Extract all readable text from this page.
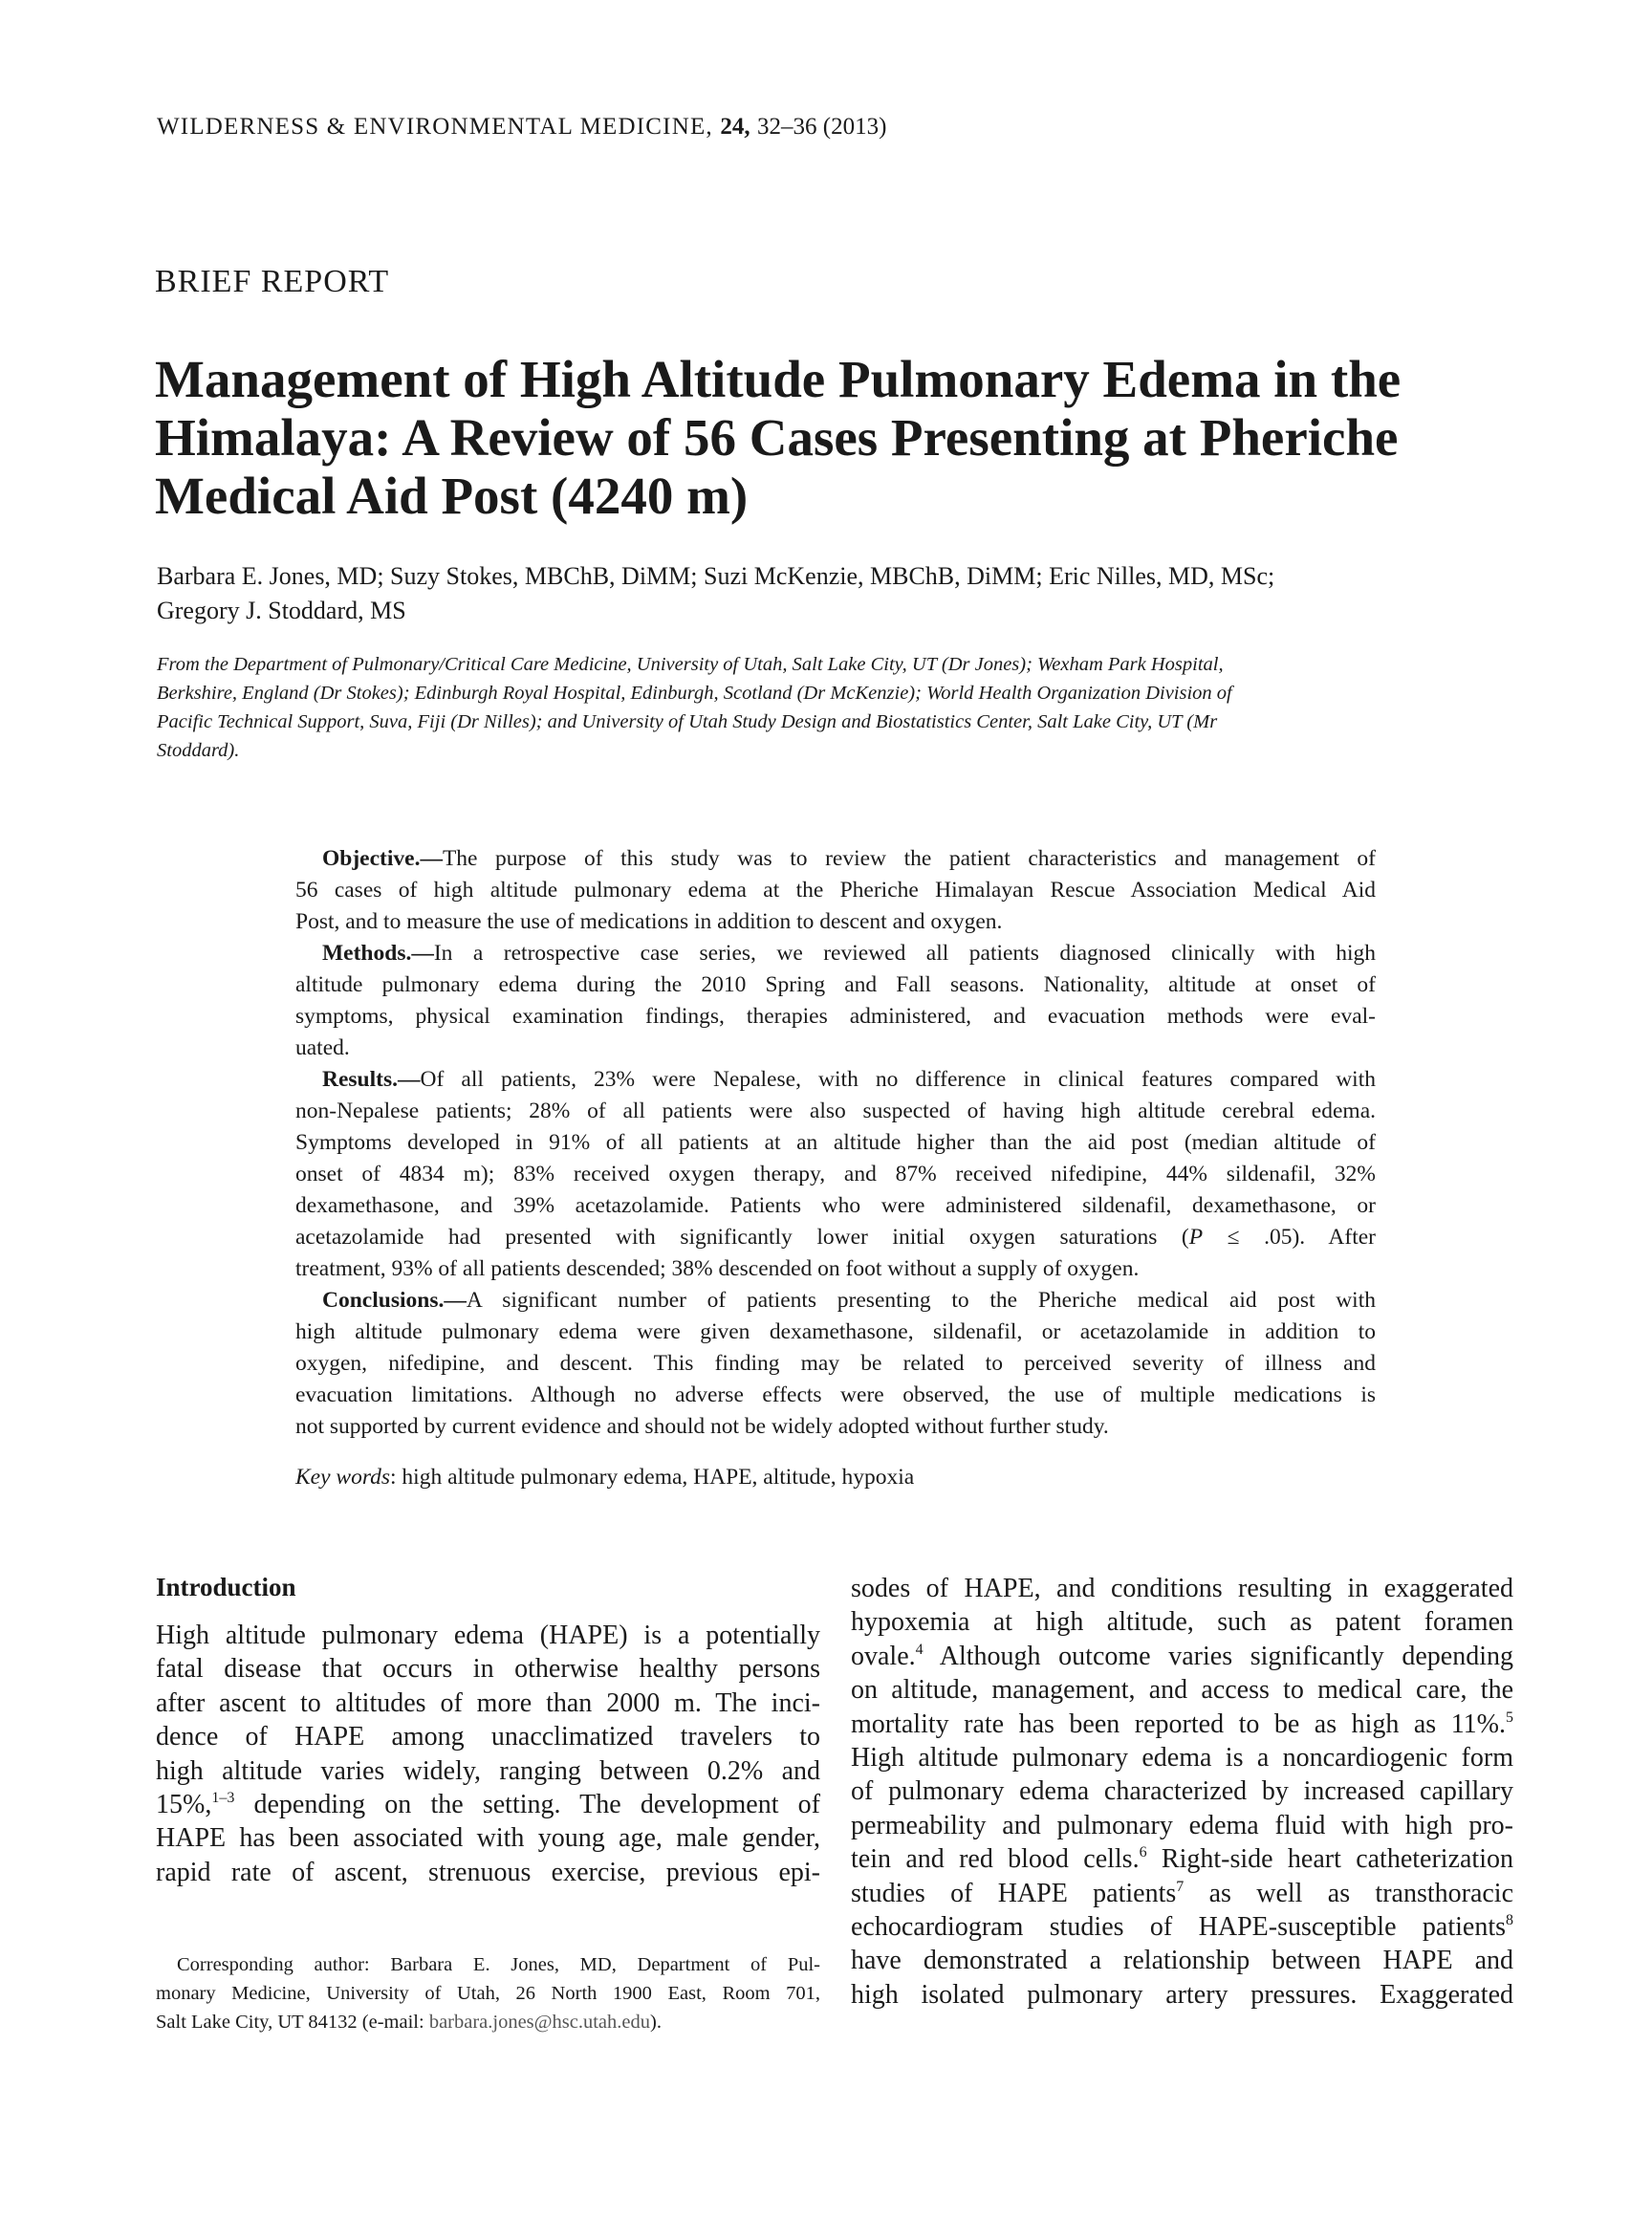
WILDERNESS & ENVIRONMENTAL MEDICINE, 24, 32–36 (2013)
BRIEF REPORT
Management of High Altitude Pulmonary Edema in the
Himalaya: A Review of 56 Cases Presenting at Pheriche
Medical Aid Post (4240 m)
Barbara E. Jones, MD; Suzy Stokes, MBChB, DiMM; Suzi McKenzie, MBChB, DiMM; Eric Nilles, MD, MSc;
Gregory J. Stoddard, MS
From the Department of Pulmonary/Critical Care Medicine, University of Utah, Salt Lake City, UT (Dr Jones); Wexham Park Hospital,
Berkshire, England (Dr Stokes); Edinburgh Royal Hospital, Edinburgh, Scotland (Dr McKenzie); World Health Organization Division of
Pacific Technical Support, Suva, Fiji (Dr Nilles); and University of Utah Study Design and Biostatistics Center, Salt Lake City, UT (Mr
Stoddard).
Objective.—The purpose of this study was to review the patient characteristics and management of
56 cases of high altitude pulmonary edema at the Pheriche Himalayan Rescue Association Medical Aid
Post, and to measure the use of medications in addition to descent and oxygen.
Methods.—In a retrospective case series, we reviewed all patients diagnosed clinically with high
altitude pulmonary edema during the 2010 Spring and Fall seasons. Nationality, altitude at onset of
symptoms, physical examination findings, therapies administered, and evacuation methods were eval-
uated.
Results.—Of all patients, 23% were Nepalese, with no difference in clinical features compared with
non-Nepalese patients; 28% of all patients were also suspected of having high altitude cerebral edema.
Symptoms developed in 91% of all patients at an altitude higher than the aid post (median altitude of
onset of 4834 m); 83% received oxygen therapy, and 87% received nifedipine, 44% sildenafil, 32%
dexamethasone, and 39% acetazolamide. Patients who were administered sildenafil, dexamethasone, or
acetazolamide had presented with significantly lower initial oxygen saturations (P ≤ .05). After
treatment, 93% of all patients descended; 38% descended on foot without a supply of oxygen.
Conclusions.—A significant number of patients presenting to the Pheriche medical aid post with
high altitude pulmonary edema were given dexamethasone, sildenafil, or acetazolamide in addition to
oxygen, nifedipine, and descent. This finding may be related to perceived severity of illness and
evacuation limitations. Although no adverse effects were observed, the use of multiple medications is
not supported by current evidence and should not be widely adopted without further study.
Key words: high altitude pulmonary edema, HAPE, altitude, hypoxia
Introduction
High altitude pulmonary edema (HAPE) is a potentially
fatal disease that occurs in otherwise healthy persons
after ascent to altitudes of more than 2000 m. The inci-
dence of HAPE among unacclimatized travelers to
high altitude varies widely, ranging between 0.2% and
15%,$^{1-3}$ depending on the setting. The development of
HAPE has been associated with young age, male gender,
rapid rate of ascent, strenuous exercise, previous epi-
sodes of HAPE, and conditions resulting in exaggerated
hypoxemia at high altitude, such as patent foramen
ovale.$^4$ Although outcome varies significantly depending
on altitude, management, and access to medical care, the
mortality rate has been reported to be as high as 11%.$^5$
High altitude pulmonary edema is a noncardiogenic form
of pulmonary edema characterized by increased capillary
permeability and pulmonary edema fluid with high pro-
tein and red blood cells.$^6$ Right-side heart catheterization
studies of HAPE patients$^7$ as well as transthoracic
echocardiogram studies of HAPE-susceptible patients$^8$
have demonstrated a relationship between HAPE and
high isolated pulmonary artery pressures. Exaggerated
Corresponding author: Barbara E. Jones, MD, Department of Pul-
monary Medicine, University of Utah, 26 North 1900 East, Room 701,
Salt Lake City, UT 84132 (e-mail: barbara.jones@hsc.utah.edu).
